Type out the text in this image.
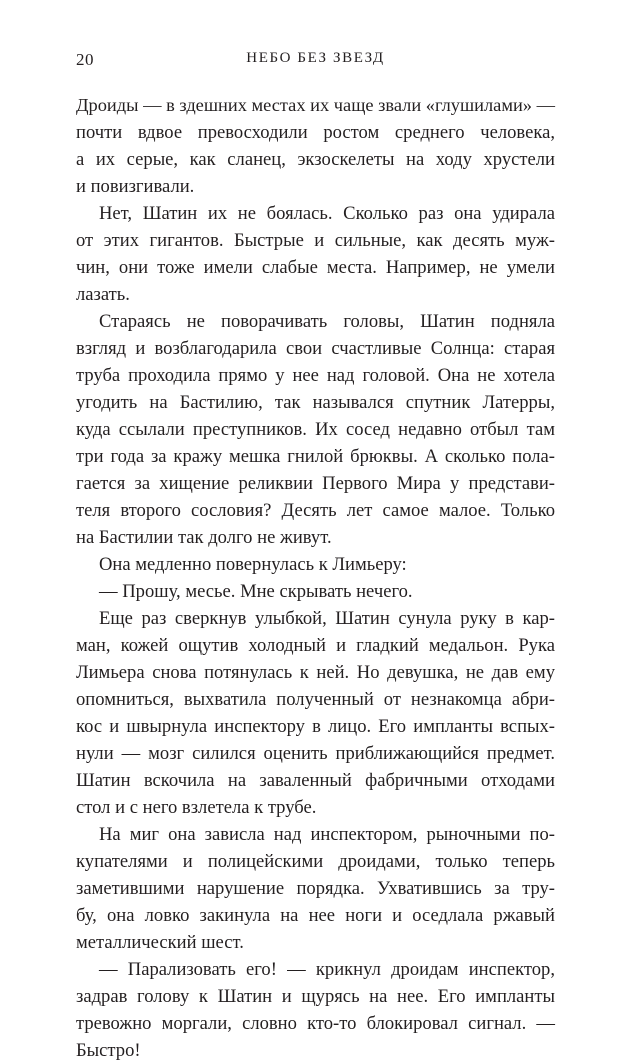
20	НЕБО БЕЗ ЗВЕЗД
Дроиды — в здешних местах их чаще звали «глушилами» —
почти вдвое превосходили ростом среднего человека,
а их серые, как сланец, экзоскелеты на ходу хрустели
и повизгивали.
Нет, Шатин их не боялась. Сколько раз она удирала
от этих гигантов. Быстрые и сильные, как десять муж-
чин, они тоже имели слабые места. Например, не умели
лазать.
Стараясь не поворачивать головы, Шатин подняла
взгляд и возблагодарила свои счастливые Солнца: старая
труба проходила прямо у нее над головой. Она не хотела
угодить на Бастилию, так назывался спутник Латерры,
куда ссылали преступников. Их сосед недавно отбыл там
три года за кражу мешка гнилой брюквы. А сколько пола-
гается за хищение реликвии Первого Мира у представи-
теля второго сословия? Десять лет самое малое. Только
на Бастилии так долго не живут.
Она медленно повернулась к Лимьеру:
— Прошу, месье. Мне скрывать нечего.
Еще раз сверкнув улыбкой, Шатин сунула руку в кар-
ман, кожей ощутив холодный и гладкий медальон. Рука
Лимьера снова потянулась к ней. Но девушка, не дав ему
опомниться, выхватила полученный от незнакомца абри-
кос и швырнула инспектору в лицо. Его импланты вспых-
нули — мозг силился оценить приближающийся предмет.
Шатин вскочила на заваленный фабричными отходами
стол и с него взлетела к трубе.
На миг она зависла над инспектором, рыночными по-
купателями и полицейскими дроидами, только теперь
заметившими нарушение порядка. Ухватившись за тру-
бу, она ловко закинула на нее ноги и оседлала ржавый
металлический шест.
— Парализовать его! — крикнул дроидам инспектор,
задрав голову к Шатин и щурясь на нее. Его импланты
тревожно моргали, словно кто-то блокировал сигнал. —
Быстро!
